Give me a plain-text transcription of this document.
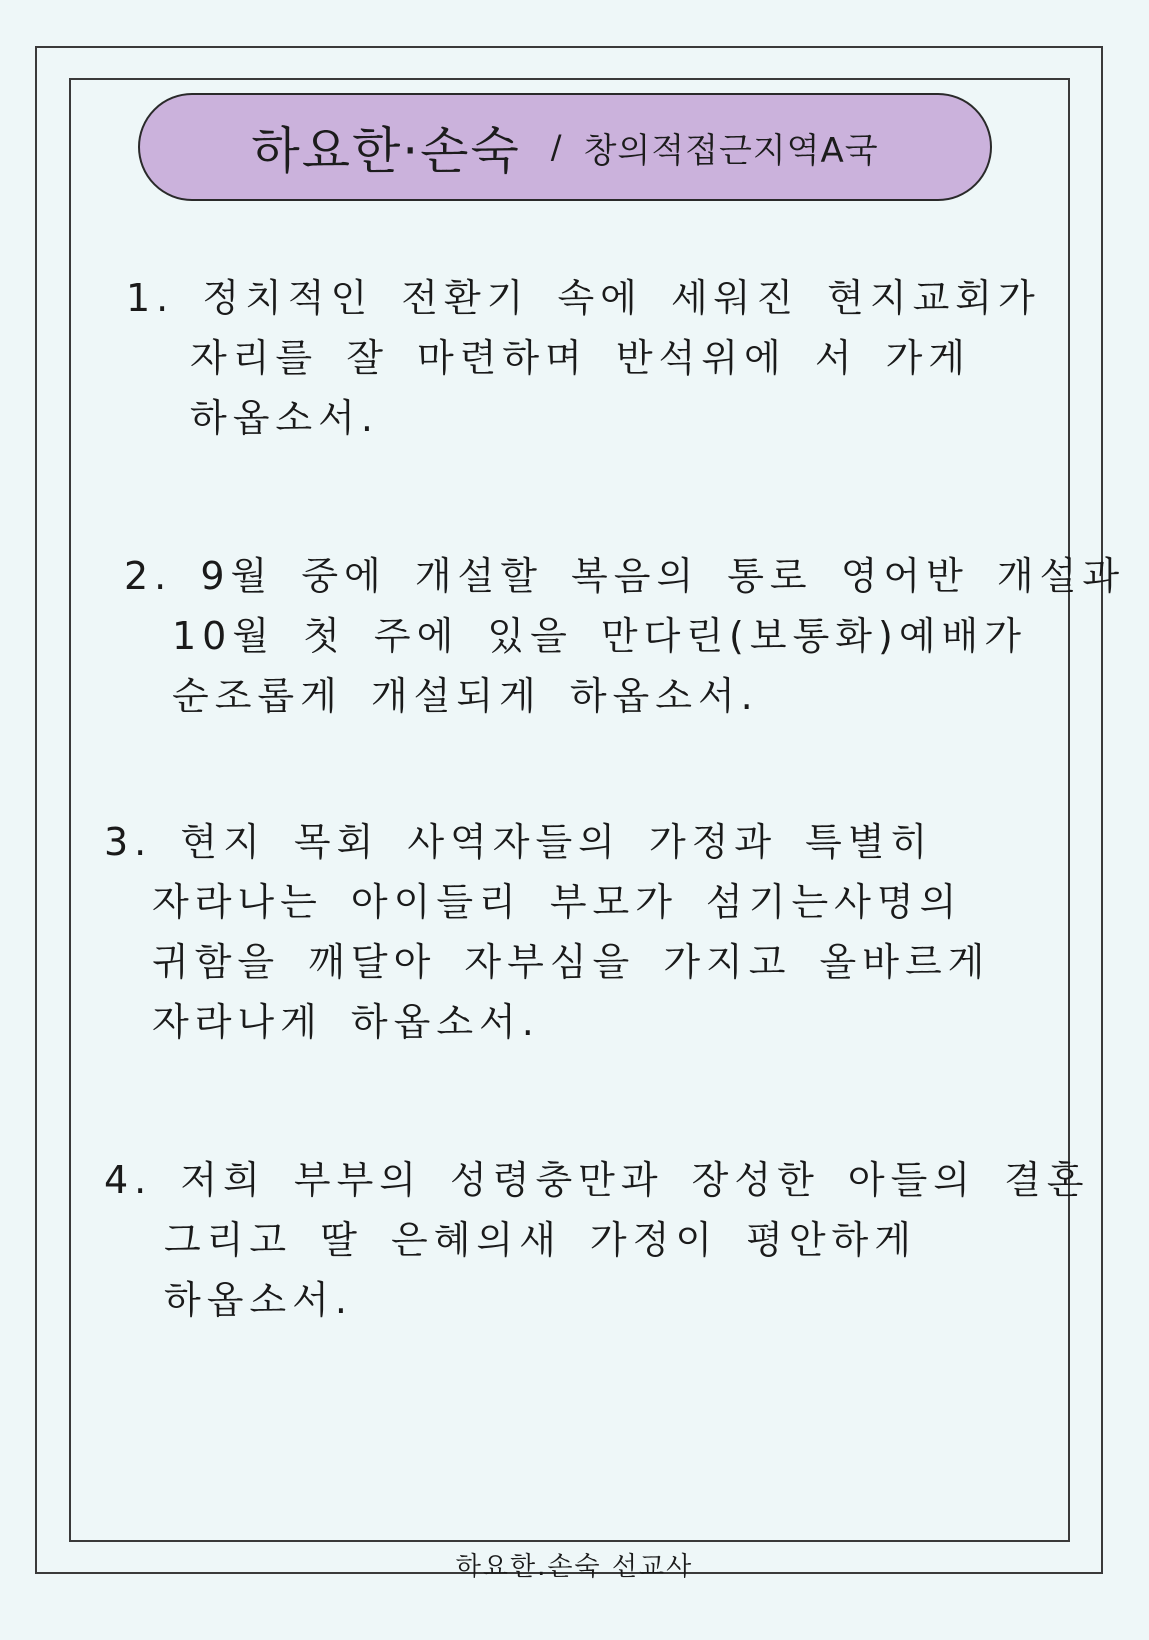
하요한·손숙 / 창의적접근지역A국
1. 정치적인 전환기 속에 세워진 현지교회가
자리를 잘 마련하며 반석위에 서 가게
하옵소서.
2. 9월 중에 개설할 복음의 통로 영어반 개설과
10월 첫 주에 있을 만다린(보통화)예배가
순조롭게 개설되게 하옵소서.
3. 현지 목회 사역자들의 가정과 특별히
자라나는 아이들리 부모가 섬기는사명의
귀함을 깨달아 자부심을 가지고 올바르게
자라나게 하옵소서.
4. 저희 부부의 성령충만과 장성한 아들의 결혼
그리고 딸 은혜의새 가정이 평안하게
하옵소서.
하요한.손숙 선교사
